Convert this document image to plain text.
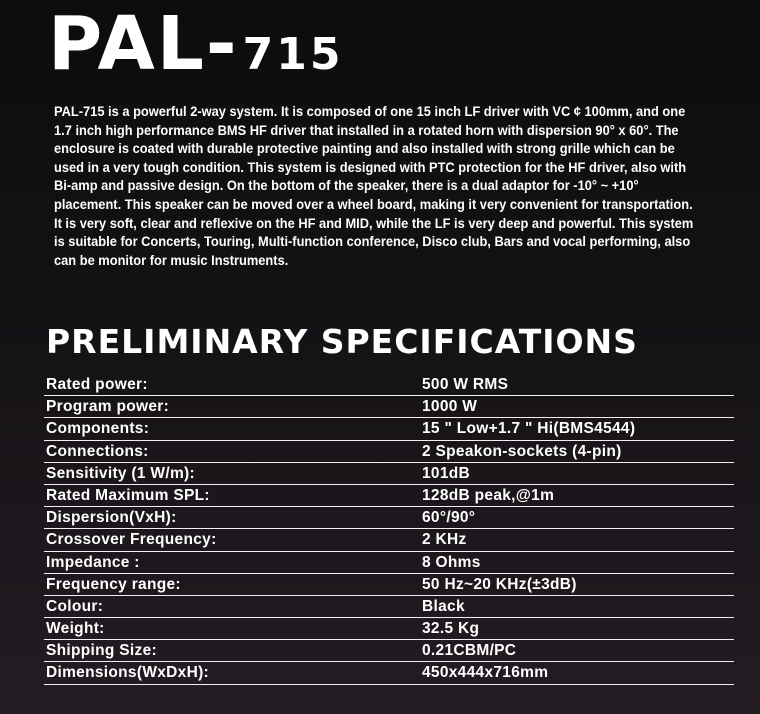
PAL-715

PAL-715 is a powerful 2-way system. It is composed of one 15 inch LF driver with VC ¢ 100mm, and one 1.7 inch high performance BMS HF driver that installed in a rotated horn with dispersion 90° x 60°. The enclosure is coated with durable protective painting and also installed with strong grille which can be used in a very tough condition. This system is designed with PTC protection for the HF driver, also with Bi-amp and passive design. On the bottom of the speaker, there is a dual adaptor for -10° ~ +10° placement. This speaker can be moved over a wheel board, making it very convenient for transportation. It is very soft, clear and reflexive on the HF and MID, while the LF is very deep and powerful. This system is suitable for Concerts, Touring, Multi-function conference, Disco club, Bars and vocal performing, also can be monitor for music Instruments.

PRELIMINARY SPECIFICATIONS
Rated power:	500 W RMS
Program power:	1000 W
Components:	15 " Low+1.7 " Hi(BMS4544)
Connections:	2 Speakon-sockets (4-pin)
Sensitivity (1 W/m):	101dB
Rated Maximum SPL:	128dB peak,@1m
Dispersion(VxH):	60°/90°
Crossover Frequency:	2 KHz
Impedance :	8 Ohms
Frequency range:	50 Hz~20 KHz(±3dB)
Colour:	Black
Weight:	32.5 Kg
Shipping Size:	0.21CBM/PC
Dimensions(WxDxH):	450x444x716mm
